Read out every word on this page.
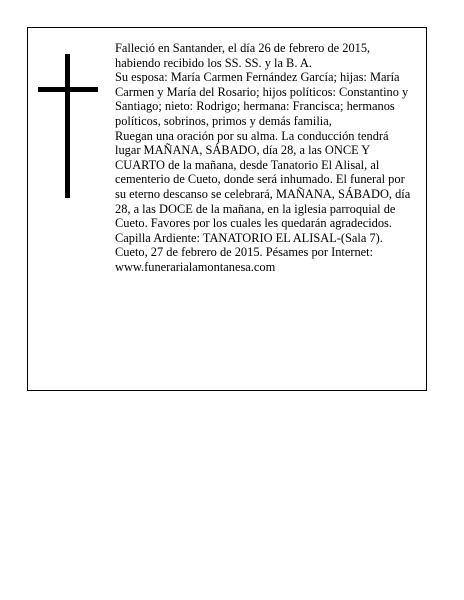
Falleció en Santander, el día 26 de febrero de 2015, habiendo recibido los SS. SS. y la B. A.

Su esposa: María Carmen Fernández García; hijas: María Carmen y María del Rosario; hijos políticos: Constantino y Santiago; nieto: Rodrigo; hermana: Francisca; hermanos políticos, sobrinos, primos y demás familia,

Ruegan una oración por su alma. La conducción tendrá lugar MAÑANA, SÁBADO, día 28, a las ONCE Y CUARTO de la mañana, desde Tanatorio El Alisal, al cementerio de Cueto, donde será inhumado. El funeral por su eterno descanso se celebrará, MAÑANA, SÁBADO, día 28, a las DOCE de la mañana, en la iglesia parroquial de Cueto. Favores por los cuales les quedarán agradecidos. Capilla Ardiente: TANATORIO EL ALISAL-(Sala 7).

Cueto, 27 de febrero de 2015. Pésames por Internet: www.funerarialamontanesa.com
